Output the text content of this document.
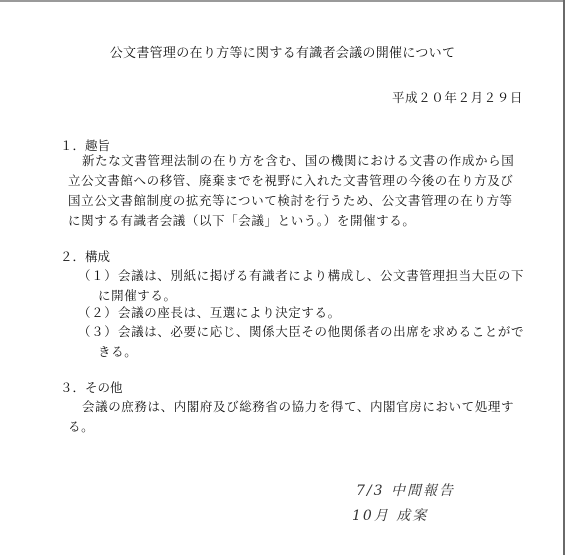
公文書管理の在り方等に関する有識者会議の開催について
平成２０年２月２９日
１．趣旨
新たな文書管理法制の在り方を含む、国の機関における文書の作成から国
立公文書館への移管、廃棄までを視野に入れた文書管理の今後の在り方及び
国立公文書館制度の拡充等について検討を行うため、公文書管理の在り方等
に関する有識者会議（以下「会議」という。）を開催する。
２．構成
（１）会議は、別紙に掲げる有識者により構成し、公文書管理担当大臣の下
に開催する。
（２）会議の座長は、互選により決定する。
（３）会議は、必要に応じ、関係大臣その他関係者の出席を求めることがで
きる。
３．その他
会議の庶務は、内閣府及び総務省の協力を得て、内閣官房において処理す
る。
7/3 中間報告
10月 成案
